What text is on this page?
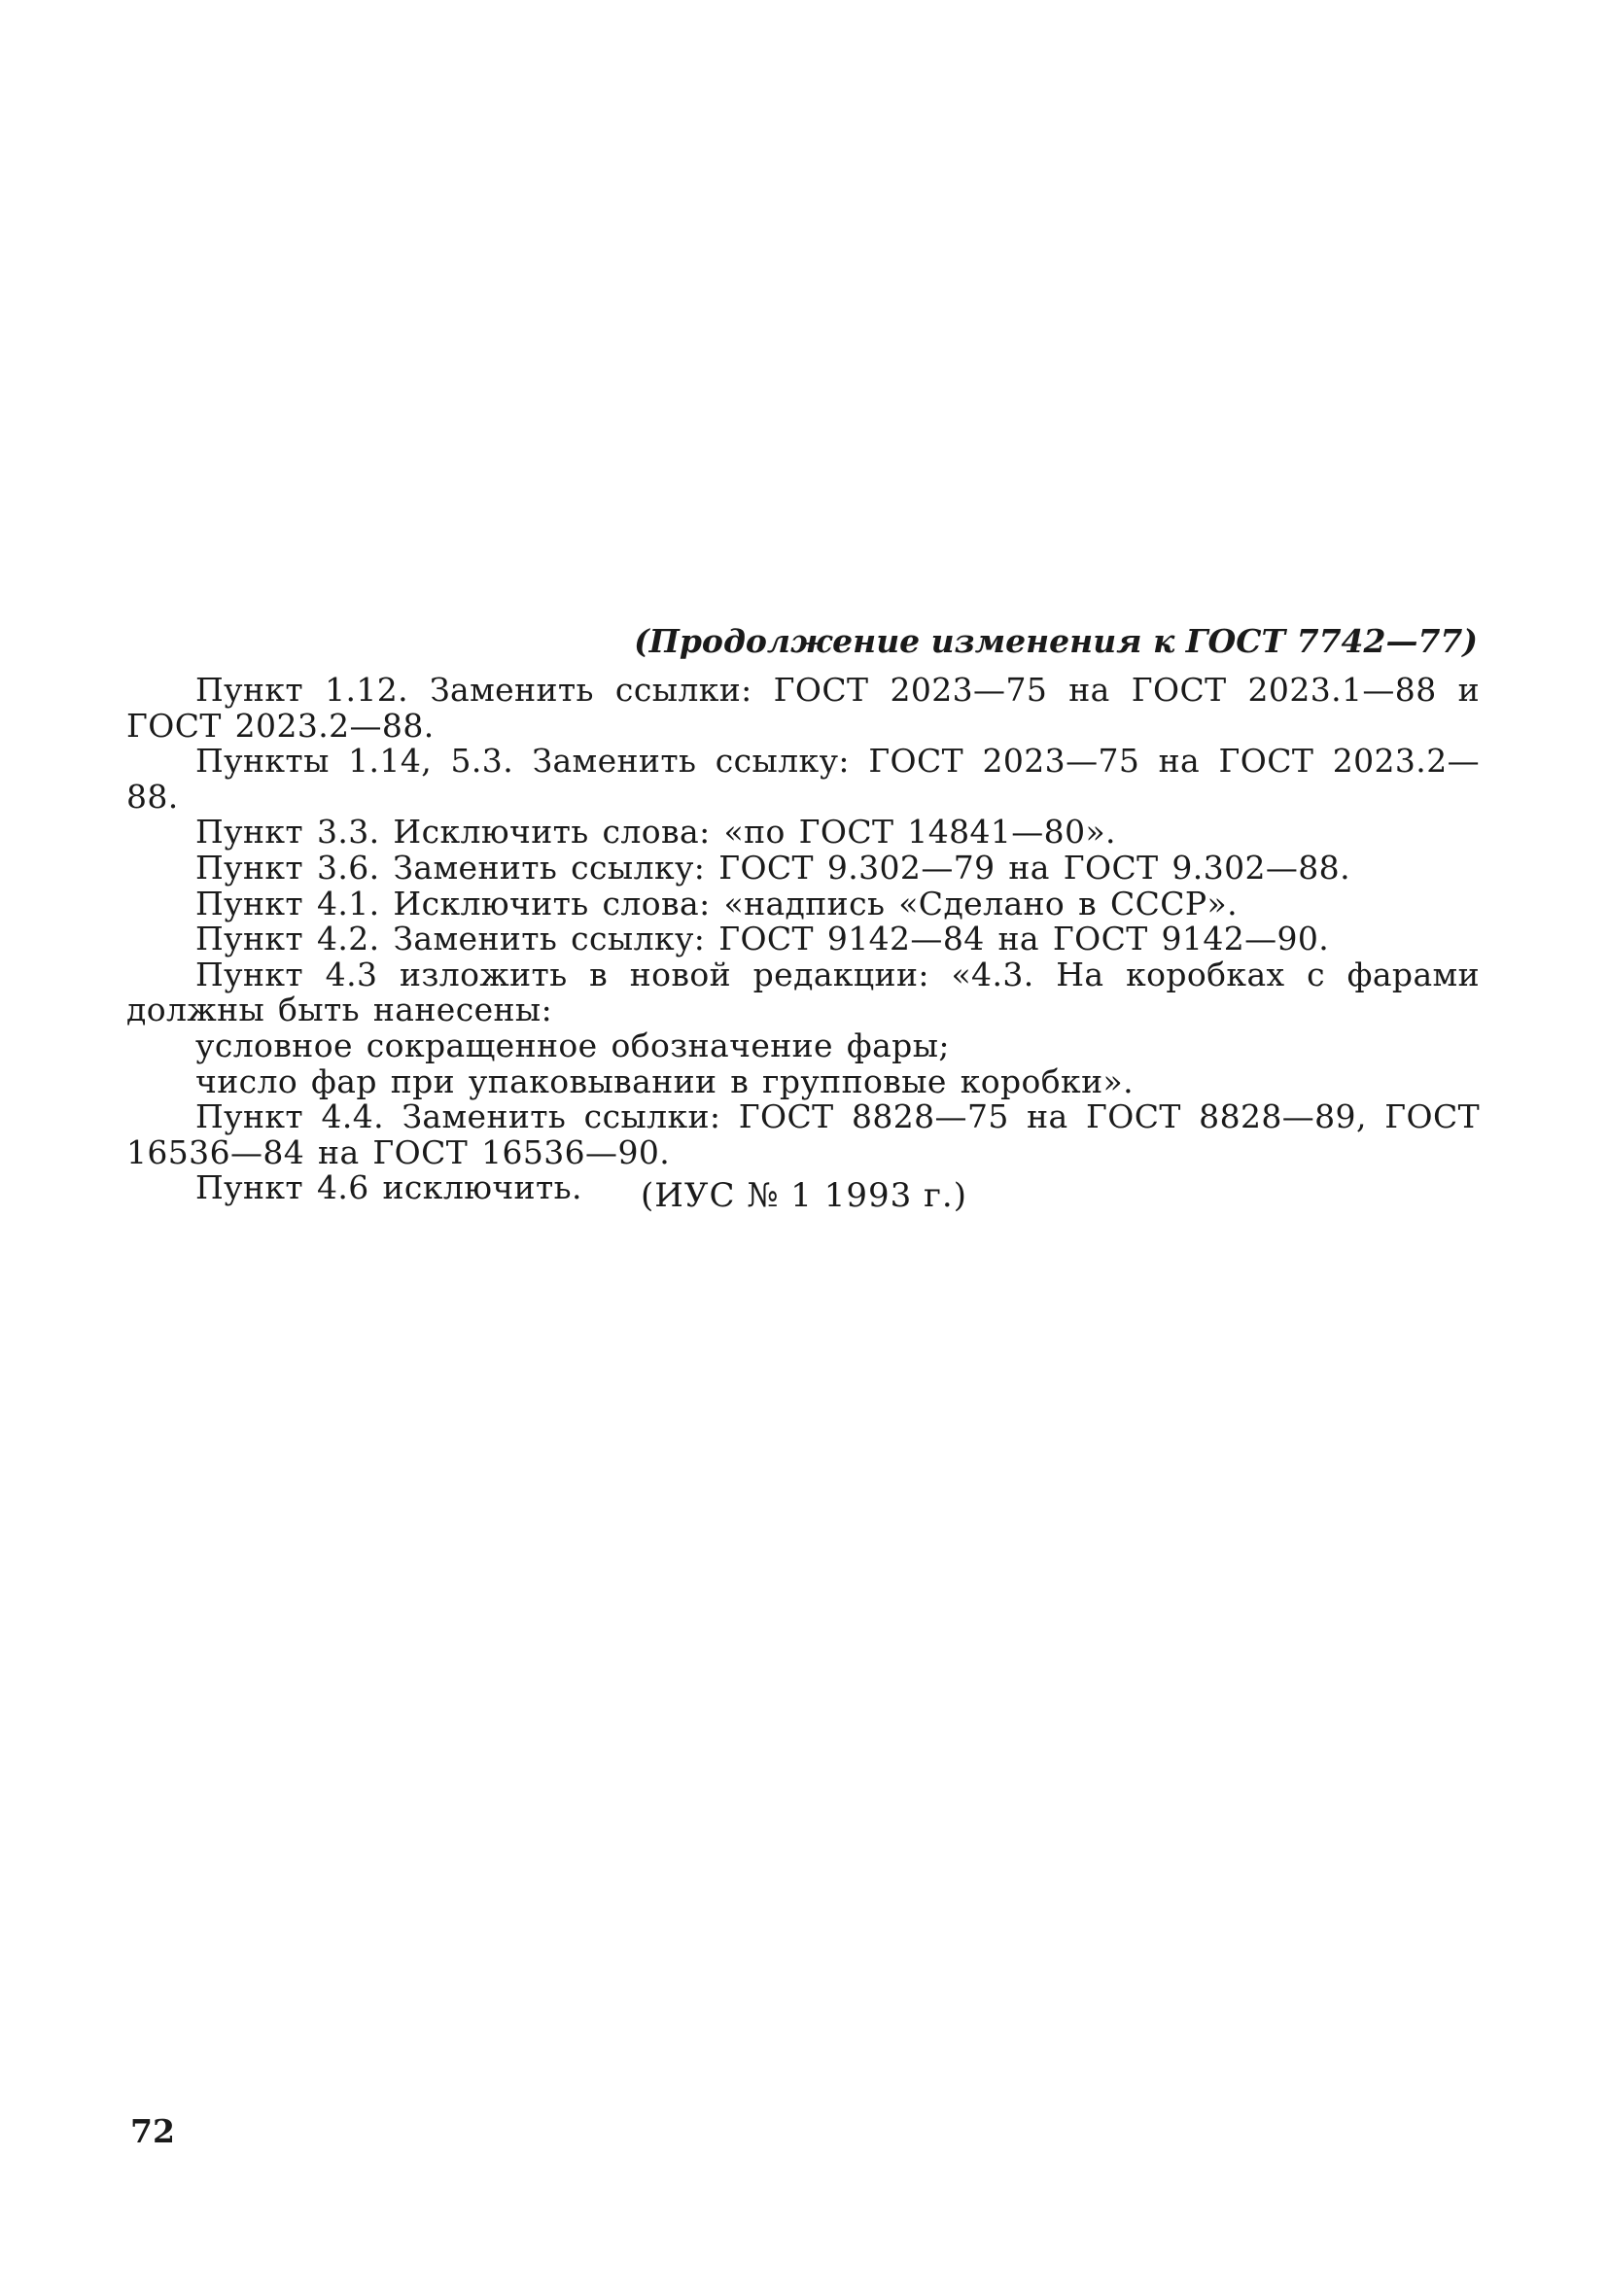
(Продолжение изменения к ГОСТ 7742—77)

Пункт 1.12. Заменить ссылки: ГОСТ 2023—75 на ГОСТ 2023.1—88 и ГОСТ 2023.2—88.

Пункты 1.14, 5.3. Заменить ссылку: ГОСТ 2023—75 на ГОСТ 2023.2—88.

Пункт 3.3. Исключить слова: «по ГОСТ 14841—80».

Пункт 3.6. Заменить ссылку: ГОСТ 9.302—79 на ГОСТ 9.302—88.

Пункт 4.1. Исключить слова: «надпись «Сделано в СССР».

Пункт 4.2. Заменить ссылку: ГОСТ 9142—84 на ГОСТ 9142—90.

Пункт 4.3 изложить в новой редакции: «4.3. На коробках с фарами должны быть нанесены:

условное сокращенное обозначение фары;

число фар при упаковывании в групповые коробки».

Пункт 4.4. Заменить ссылки: ГОСТ 8828—75 на ГОСТ 8828—89, ГОСТ 16536—84 на ГОСТ 16536—90.

Пункт 4.6 исключить.	(ИУС № 1 1993 г.)
72
